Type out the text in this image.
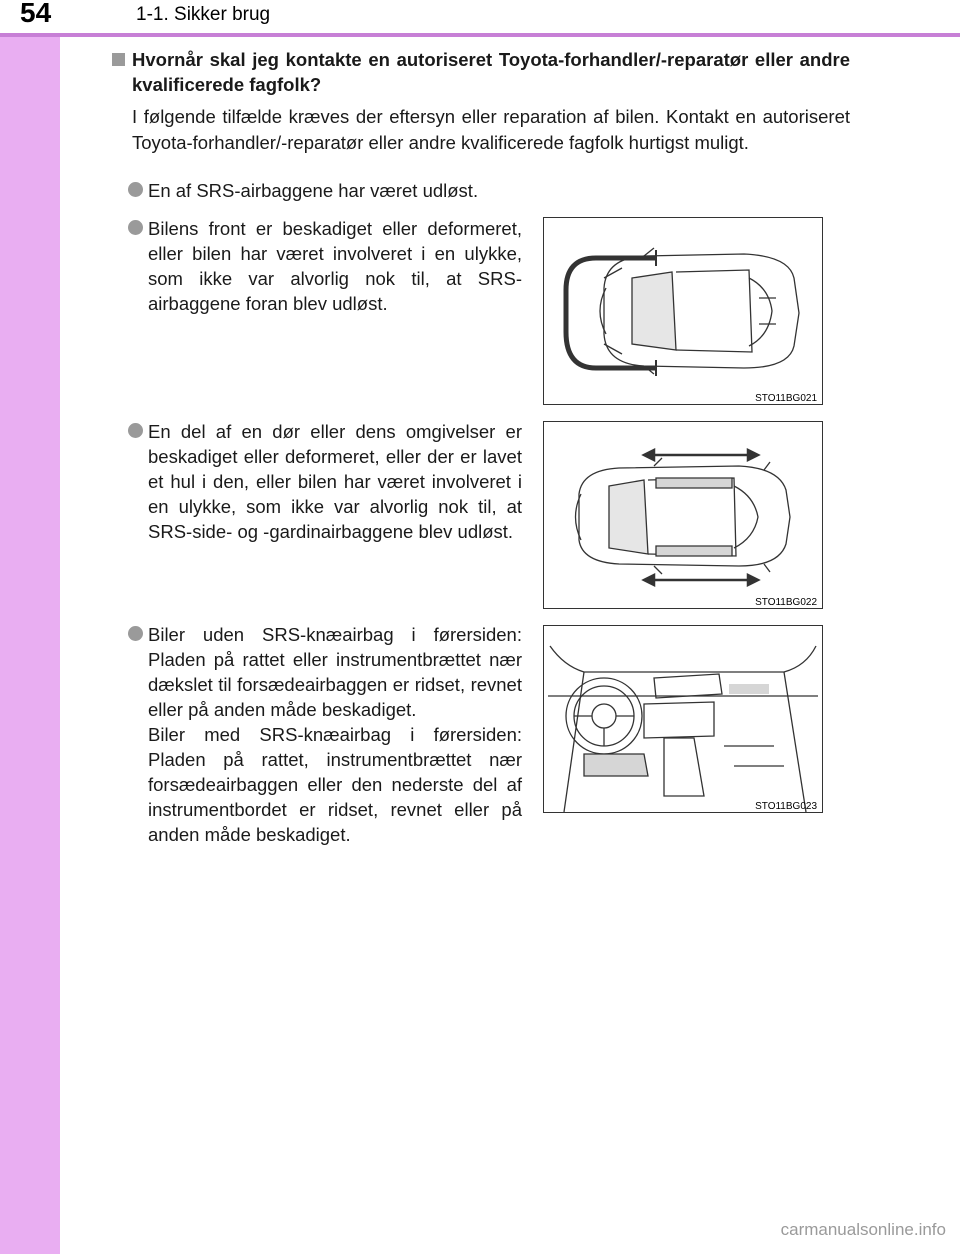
54	1-1. Sikker brug
Hvornår skal jeg kontakte en autoriseret Toyota-forhandler/-reparatør eller andre kvalificerede fagfolk?
I følgende tilfælde kræves der eftersyn eller reparation af bilen. Kontakt en autoriseret Toyota-forhandler/-reparatør eller andre kvalificerede fagfolk hurtigst muligt.
En af SRS-airbaggene har været udløst.
Bilens front er beskadiget eller deformeret, eller bilen har været involveret i en ulykke, som ikke var alvorlig nok til, at SRS-airbaggene foran blev udløst.
En del af en dør eller dens omgivelser er beskadiget eller deformeret, eller der er lavet et hul i den, eller bilen har været involveret i en ulykke, som ikke var alvorlig nok til, at SRS-side- og -gardinairbaggene blev udløst.
Biler uden SRS-knæairbag i førersiden: Pladen på rattet eller instrumentbrættet nær dækslet til forsædeairbaggen er ridset, revnet eller på anden måde beskadiget.
Biler med SRS-knæairbag i førersiden: Pladen på rattet, instrumentbrættet nær forsædeairbaggen eller den nederste del af instrumentbordet er ridset, revnet eller på anden måde beskadiget.
STO11BG021
STO11BG022
STO11BG023
carmanualsonline.info
